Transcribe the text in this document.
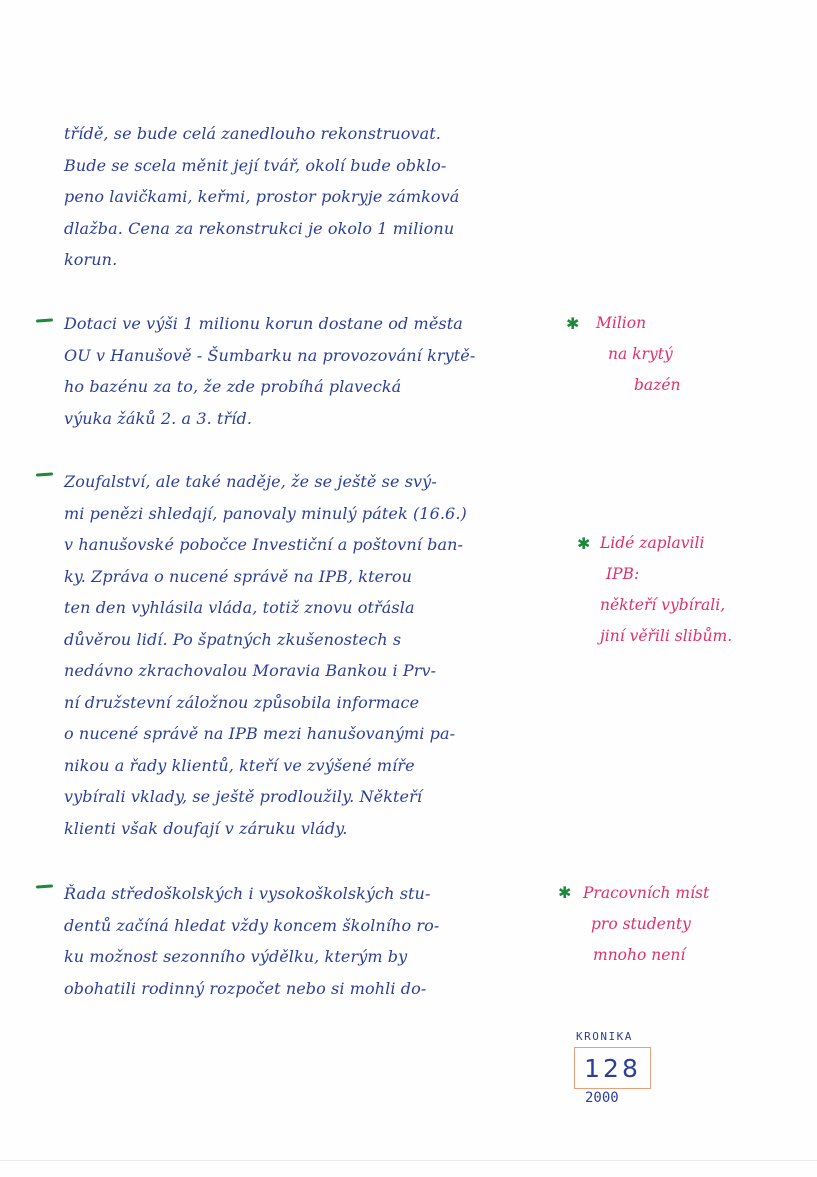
třídě, se bude celá zanedlouho rekonstruovat.
Bude se scela měnit její tvář, okolí bude obklo-
peno lavičkami, keřmi, prostor pokryje zámková
dlažba. Cena za rekonstrukci je okolo 1 milionu
korun.
Dotaci ve výši 1 milionu korun dostane od města
OU v Hanušově - Šumbarku na provozování krytě-
ho bazénu za to, že zde probíhá plavecká
výuka žáků 2. a 3. tříd.
✱ Milion
na krytý
bazén
Zoufalství, ale také naděje, že se ještě se svý-
mi penězi shledají, panovaly minulý pátek (16.6.)
v hanušovské pobočce Investiční a poštovní ban-
ky. Zpráva o nucené správě na IPB, kterou
ten den vyhlásila vláda, totiž znovu otřásla
důvěrou lidí. Po špatných zkušenostech s
nedávno zkrachovalou Moravia Bankou i Prv-
ní družstevní záložnou způsobila informace
o nucené správě na IPB mezi hanušovanými pa-
nikou a řady klientů, kteří ve zvýšené míře
vybírali vklady, se ještě prodloužily. Někteří
klienti však doufají v záruku vlády.
✱ Lidé zaplavili
IPB:
někteří vybírali,
jiní věřili slibům.
Řada středoškolských i vysokoškolských stu-
dentů začíná hledat vždy koncem školního ro-
ku možnost sezonního výdělku, kterým by
obohatili rodinný rozpočet nebo si mohli do-
✱ Pracovních míst
pro studenty
mnoho není
KRONIKA
128
2000
